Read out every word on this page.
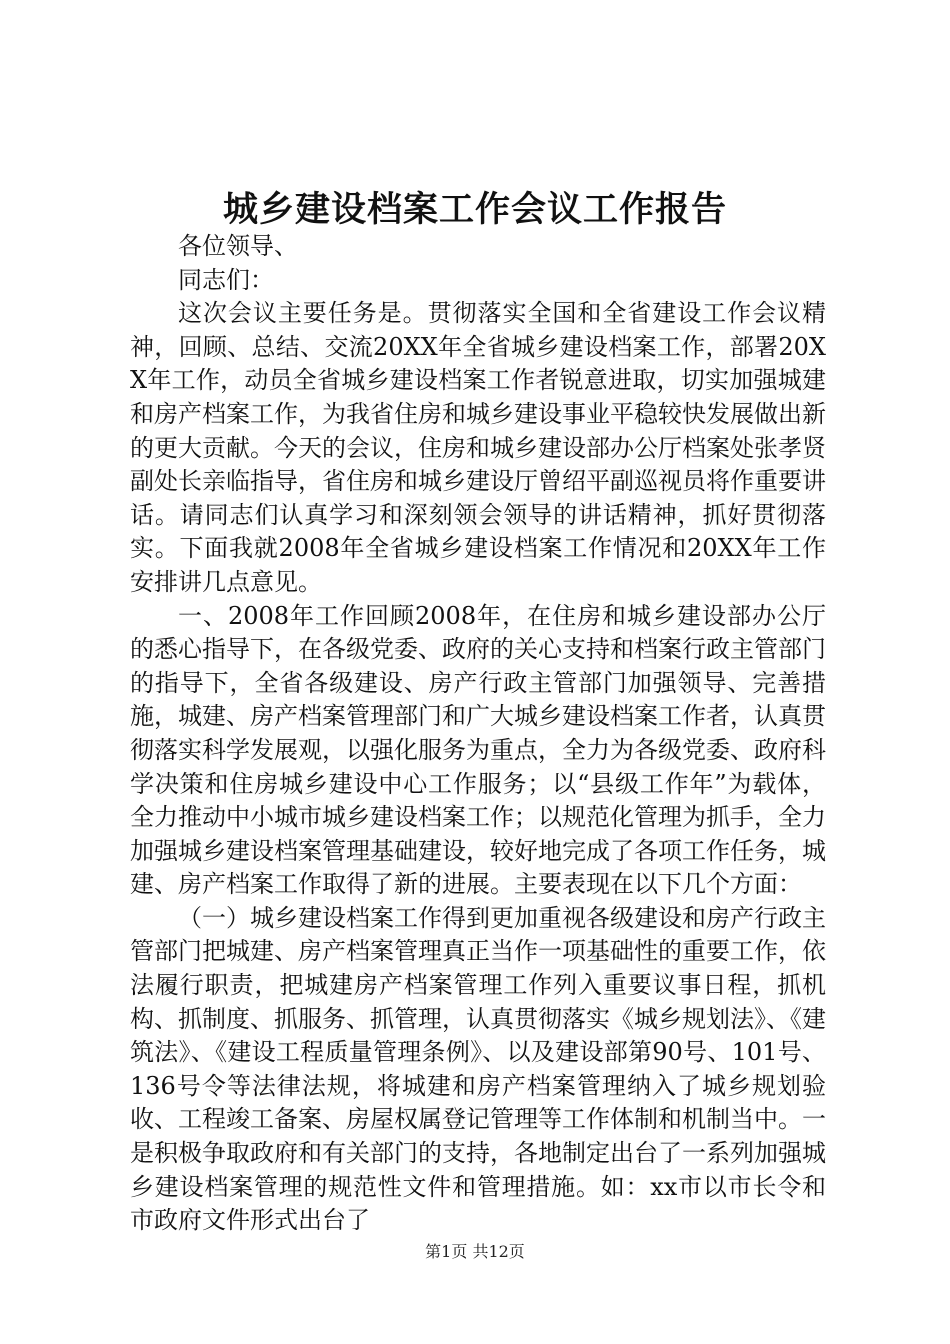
城乡建设档案工作会议工作报告

各位领导、

同志们：

这次会议主要任务是。贯彻落实全国和全省建设工作会议精神，回顾、总结、交流20XX年全省城乡建设档案工作，部署20XX年工作，动员全省城乡建设档案工作者锐意进取，切实加强城建和房产档案工作，为我省住房和城乡建设事业平稳较快发展做出新的更大贡献。今天的会议，住房和城乡建设部办公厅档案处张孝贤副处长亲临指导，省住房和城乡建设厅曾绍平副巡视员将作重要讲话。请同志们认真学习和深刻领会领导的讲话精神，抓好贯彻落实。下面我就2008年全省城乡建设档案工作情况和20XX年工作安排讲几点意见。

一、2008年工作回顾2008年，在住房和城乡建设部办公厅的悉心指导下，在各级党委、政府的关心支持和档案行政主管部门的指导下，全省各级建设、房产行政主管部门加强领导、完善措施，城建、房产档案管理部门和广大城乡建设档案工作者，认真贯彻落实科学发展观，以强化服务为重点，全力为各级党委、政府科学决策和住房城乡建设中心工作服务；以“县级工作年”为载体，全力推动中小城市城乡建设档案工作；以规范化管理为抓手，全力加强城乡建设档案管理基础建设，较好地完成了各项工作任务，城建、房产档案工作取得了新的进展。主要表现在以下几个方面：

（一）城乡建设档案工作得到更加重视各级建设和房产行政主管部门把城建、房产档案管理真正当作一项基础性的重要工作，依法履行职责，把城建房产档案管理工作列入重要议事日程，抓机构、抓制度、抓服务、抓管理，认真贯彻落实《城乡规划法》、《建筑法》、《建设工程质量管理条例》、以及建设部第90号、101号、136号令等法律法规，将城建和房产档案管理纳入了城乡规划验收、工程竣工备案、房屋权属登记管理等工作体制和机制当中。一是积极争取政府和有关部门的支持，各地制定出台了一系列加强城乡建设档案管理的规范性文件和管理措施。如：xx市以市长令和市政府文件形式出台了

第1页 共12页
